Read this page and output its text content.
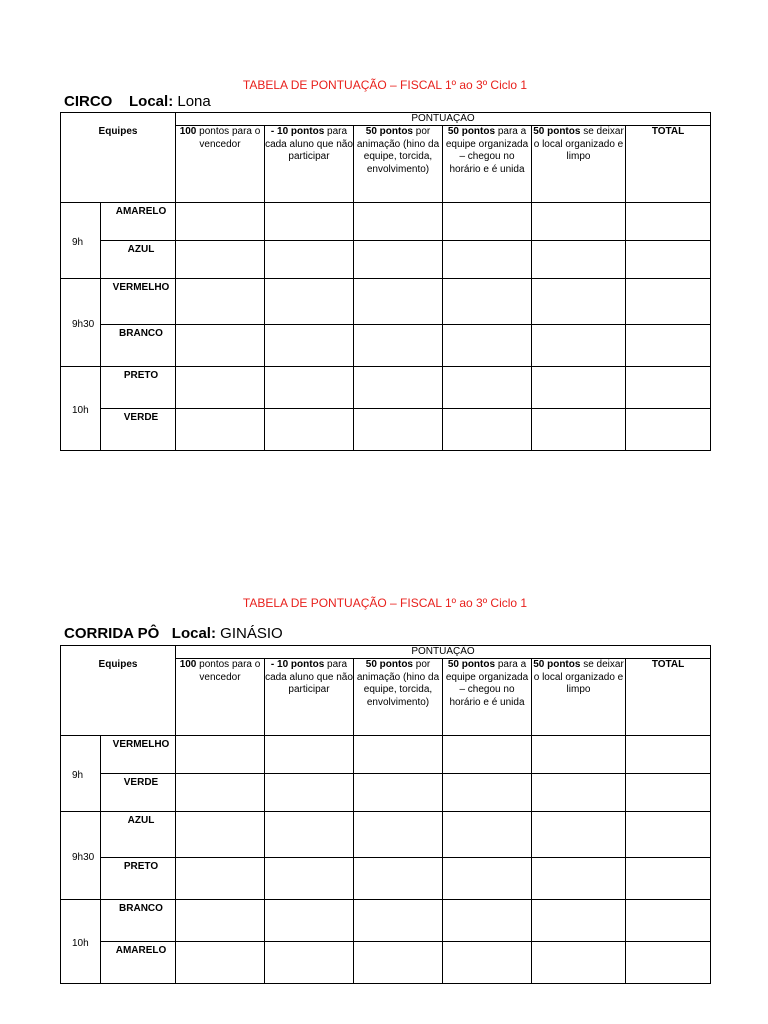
TABELA DE PONTUAÇÃO – FISCAL 1º ao 3º Ciclo 1
CIRCO Local: Lona
Equipes		PONTUAÇÃO					
		100 pontos para o vencedor	- 10 pontos para cada aluno que não participar	50 pontos por animação (hino da equipe, torcida, envolvimento)	50 pontos para a equipe organizada – chegou no horário e é unida	50 pontos se deixar o local organizado e limpo	TOTAL
9h	AMARELO						
	AZUL						
9h30	VERMELHO						
	BRANCO						
10h	PRETO						
	VERDE						
TABELA DE PONTUAÇÃO – FISCAL 1º ao 3º Ciclo 1
CORRIDA PÔ Local: GINÁSIO
Equipes		PONTUAÇÃO					
		100 pontos para o vencedor	- 10 pontos para cada aluno que não participar	50 pontos por animação (hino da equipe, torcida, envolvimento)	50 pontos para a equipe organizada – chegou no horário e é unida	50 pontos se deixar o local organizado e limpo	TOTAL
9h	VERMELHO						
	VERDE						
9h30	AZUL						
	PRETO						
10h	BRANCO						
	AMARELO						
